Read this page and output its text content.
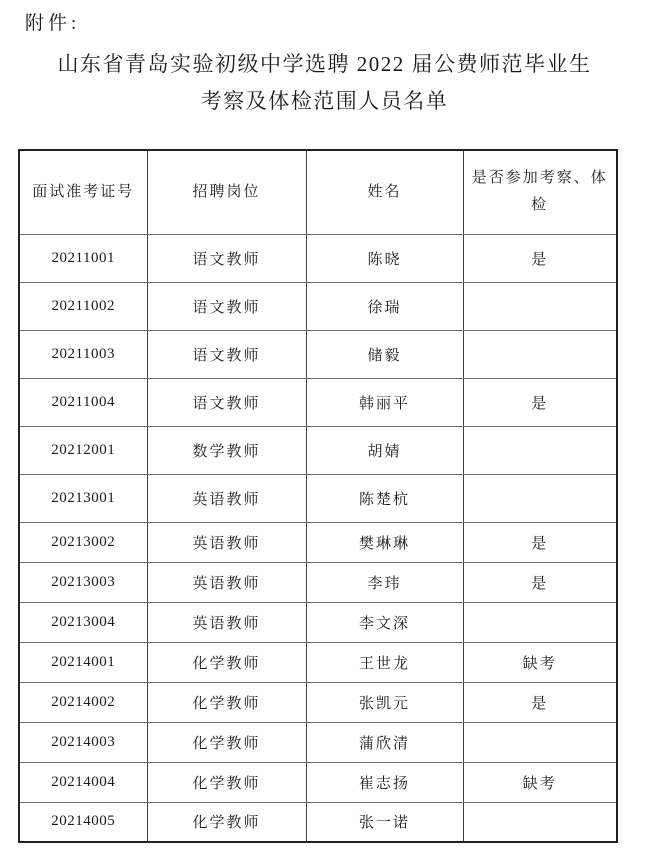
附件:
山东省青岛实验初级中学选聘 2022 届公费师范毕业生
考察及体检范围人员名单
面试准考证号	招聘岗位	姓名	是否参加考察、体检
20211001	语文教师	陈晓	是
20211002	语文教师	徐瑞	
20211003	语文教师	储毅	
20211004	语文教师	韩丽平	是
20212001	数学教师	胡婧	
20213001	英语教师	陈楚杭	
20213002	英语教师	樊琳琳	是
20213003	英语教师	李玮	是
20213004	英语教师	李文深	
20214001	化学教师	王世龙	缺考
20214002	化学教师	张凯元	是
20214003	化学教师	蒲欣清	
20214004	化学教师	崔志扬	缺考
20214005	化学教师	张一诺	
